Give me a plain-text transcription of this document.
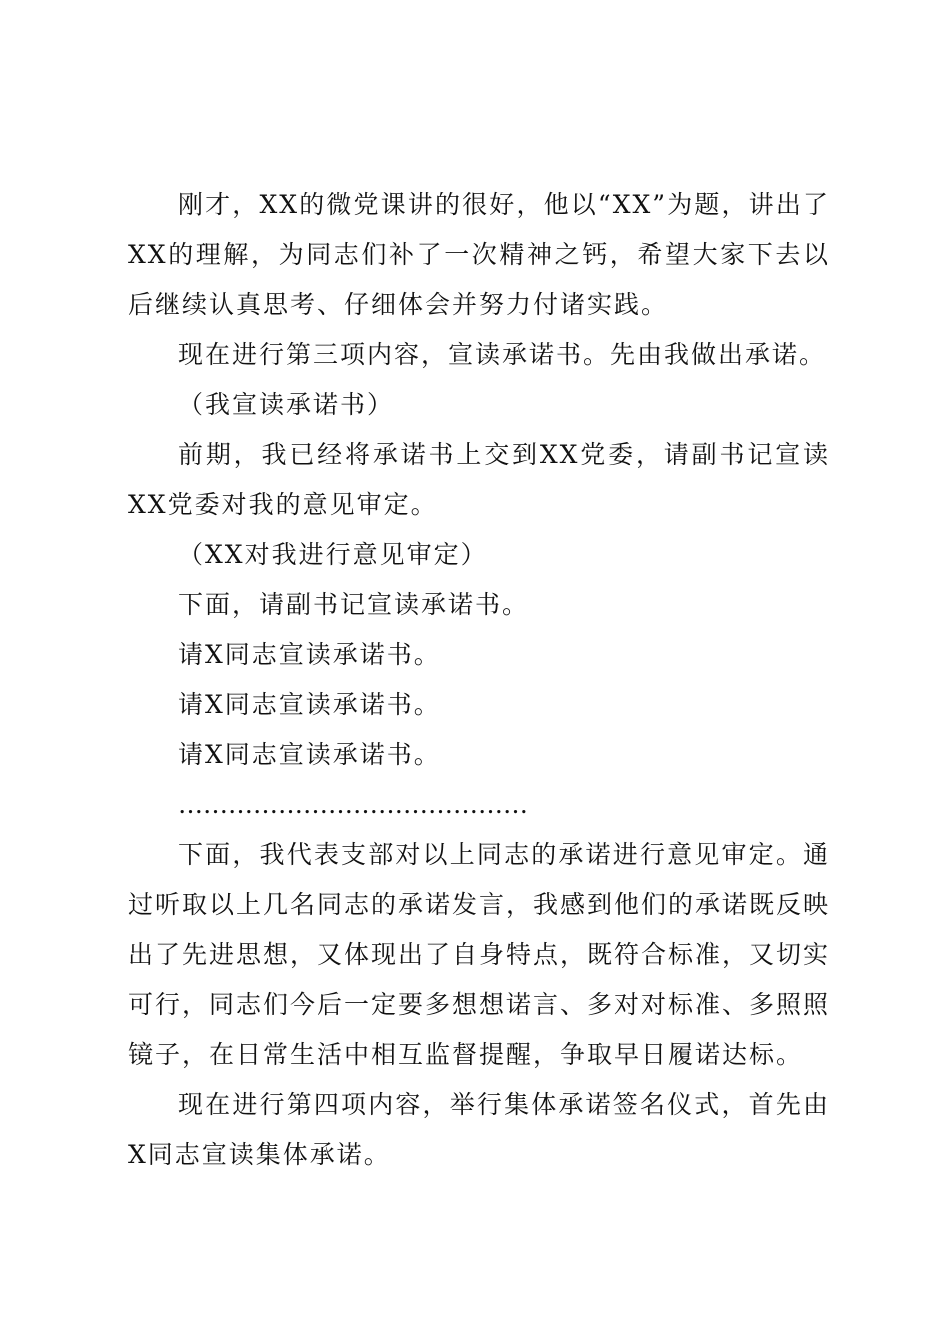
刚才，XX的微党课讲的很好，他以“XX”为题，讲出了XX的理解，为同志们补了一次精神之钙，希望大家下去以后继续认真思考、仔细体会并努力付诸实践。

现在进行第三项内容，宣读承诺书。先由我做出承诺。

（我宣读承诺书）

前期，我已经将承诺书上交到XX党委，请副书记宣读XX党委对我的意见审定。

（XX对我进行意见审定）

下面，请副书记宣读承诺书。

请X同志宣读承诺书。

请X同志宣读承诺书。

请X同志宣读承诺书。

……………………………………

下面，我代表支部对以上同志的承诺进行意见审定。通过听取以上几名同志的承诺发言，我感到他们的承诺既反映出了先进思想，又体现出了自身特点，既符合标准，又切实可行，同志们今后一定要多想想诺言、多对对标准、多照照镜子，在日常生活中相互监督提醒，争取早日履诺达标。

现在进行第四项内容，举行集体承诺签名仪式，首先由X同志宣读集体承诺。
